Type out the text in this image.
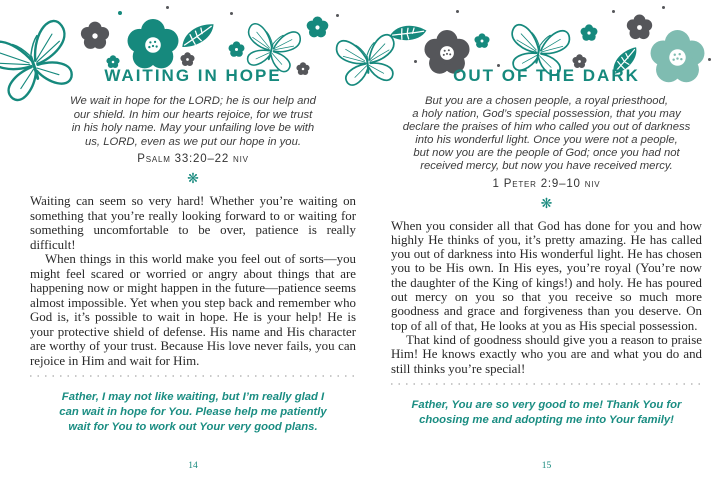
WAITING IN HOPE
We wait in hope for the LORD; he is our help and
our shield. In him our hearts rejoice, for we trust
in his holy name. May your unfailing love be with
us, LORD, even as we put our hope in you.
Psalm 33:20–22 niv
❋

Waiting can seem so very hard! Whether you’re waiting on something that you’re really looking forward to or waiting for something uncomfortable to be over, patience is really difficult!

When things in this world make you feel out of sorts—you might feel scared or worried or angry about things that are happening now or might happen in the future—patience seems almost impossible. Yet when you step back and remember who God is, it’s possible to wait in hope. He is your help! He is your protective shield of defense. His name and His character are worthy of your trust. Because His love never fails, you can rejoice in Him and wait for Him.

Father, I may not like waiting, but I’m really glad I
can wait in hope for You. Please help me patiently
wait for You to work out Your very good plans.
14
OUT OF THE DARK
But you are a chosen people, a royal priesthood,
a holy nation, God’s special possession, that you may
declare the praises of him who called you out of darkness
into his wonderful light. Once you were not a people,
but now you are the people of God; once you had not
received mercy, but now you have received mercy.
1 Peter 2:9–10 niv
❋

When you consider all that God has done for you and how highly He thinks of you, it’s pretty amazing. He has called you out of darkness into His wonderful light. He has chosen you to be His own. In His eyes, you’re royal (You’re now the daughter of the King of kings!) and holy. He has poured out mercy on you so that you receive so much more goodness and grace and forgiveness than you deserve. On top of all of that, He looks at you as His special possession.

That kind of goodness should give you a reason to praise Him! He knows exactly who you are and what you do and still thinks you’re special!

Father, You are so very good to me! Thank You for
choosing me and adopting me into Your family!
15
